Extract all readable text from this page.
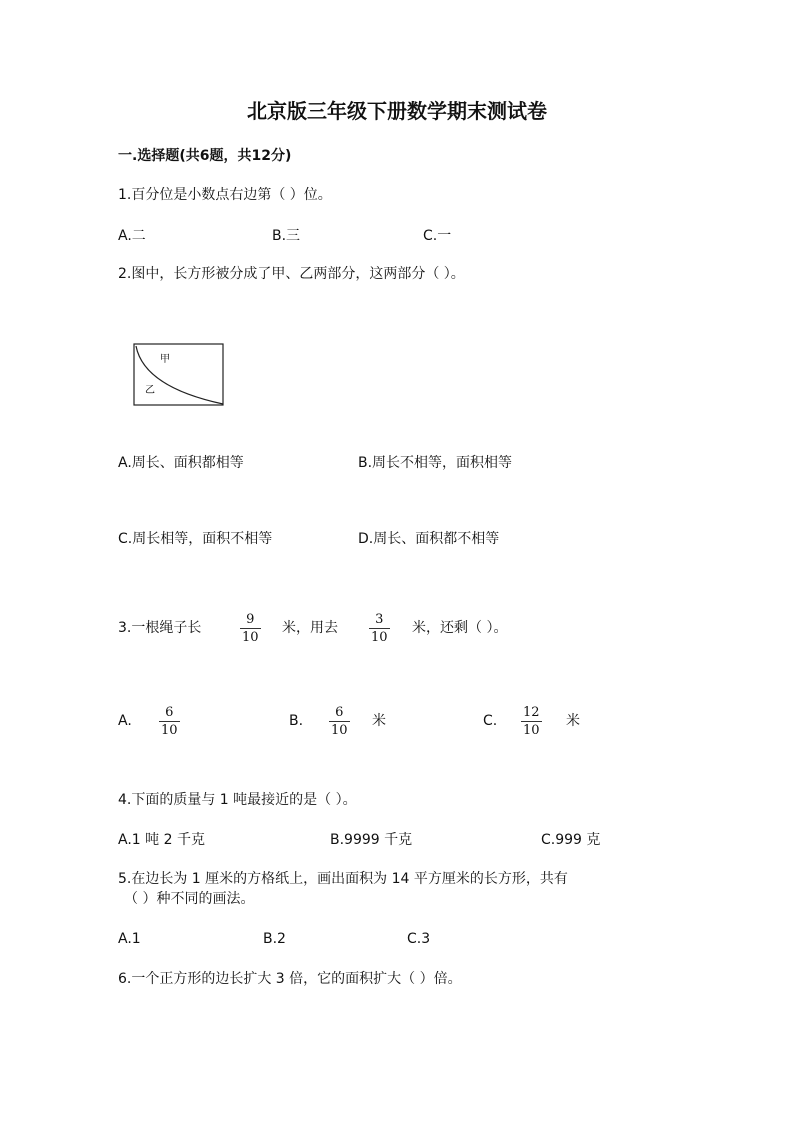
北京版三年级下册数学期末测试卷
一.选择题(共6题，共12分)
1.百分位是小数点右边第（ ）位。
A.二	B.三	C.一
2.图中，长方形被分成了甲、乙两部分，这两部分（ ）。
甲
乙
A.周长、面积都相等	B.周长不相等，面积相等
C.周长相等，面积不相等	D.周长、面积都不相等
3.一根绳子长
9
10
米，用去
3
10
米，还剩（ ）。
A.
6
10
B.
6
10
米	C.
12
10
米
4.下面的质量与 1 吨最接近的是（ ）。
A.1 吨 2 千克	B.9999 千克	C.999 克
5.在边长为 1 厘米的方格纸上，画出面积为 14 平方厘米的长方形，共有
（ ）种不同的画法。
A.1	B.2	C.3
6.一个正方形的边长扩大 3 倍，它的面积扩大（ ）倍。
